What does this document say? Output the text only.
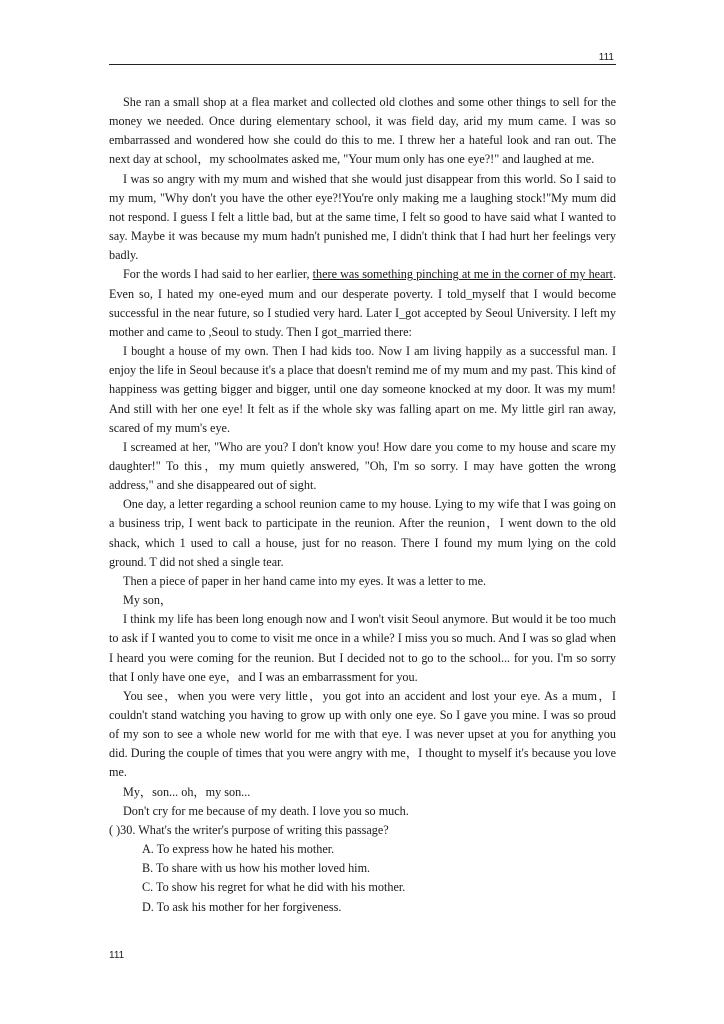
111

She ran a small shop at a flea market and collected old clothes and some other things to sell for the money we needed. Once during elementary school, it was field day, arid my mum came. I was so embarrassed and wondered how she could do this to me. I threw her a hateful look and ran out. The next day at school，my schoolmates asked me, "Your mum only has one eye?!" and laughed at me.

I was so angry with my mum and wished that she would just disappear from this world. So I said to my mum, "Why don't you have the other eye?!You're only making me a laughing stock!"My mum did not respond. I guess I felt a little bad, but at the same time, I felt so good to have said what I wanted to say. Maybe it was because my mum hadn't punished me, I didn't think that I had hurt her feelings very badly.

For the words I had said to her earlier, there was something pinching at me in the corner of my heart. Even so, I hated my one-eyed mum and our desperate poverty. I told_myself that I would become successful in the near future, so I studied very hard. Later I_got accepted by Seoul University. I left my mother and came to ,Seoul to study. Then I got_married there:

I bought a house of my own. Then I had kids too. Now I am living happily as a successful man. I enjoy the life in Seoul because it's a place that doesn't remind me of my mum and my past. This kind of happiness was getting bigger and bigger, until one day someone knocked at my door. It was my mum! And still with her one eye! It felt as if the whole sky was falling apart on me. My little girl ran away, scared of my mum's eye.

I screamed at her, "Who are you? I don't know you! How dare you come to my house and scare my daughter!" To this，my mum quietly answered, "Oh, I'm so sorry. I may have gotten the wrong address," and she disappeared out of sight.

One day, a letter regarding a school reunion came to my house. Lying to my wife that I was going on a business trip, I went back to participate in the reunion. After the reunion，I went down to the old shack, which 1 used to call a house, just for no reason. There I found my mum lying on the cold ground. T did not shed a single tear.

Then a piece of paper in her hand came into my eyes. It was a letter to me.

My son，

I think my life has been long enough now and I won't visit Seoul anymore. But would it be too much to ask if I wanted you to come to visit me once in a while? I miss you so much. And I was so glad when I heard you were coming for the reunion. But I decided not to go to the school... for you. I'm so sorry that I only have one eye，and I was an embarrassment for you.

You see，when you were very little，you got into an accident and lost your eye. As a mum，I couldn't stand watching you having to grow up with only one eye. So I gave you mine. I was so proud of my son to see a whole new world for me with that eye. I was never upset at you for anything you did. During the couple of times that you were angry with me，I thought to myself it's because you love me.

My，son... oh，my son...

Don't cry for me because of my death. I love you so much.

( )30. What's the writer's purpose of writing this passage?

A. To express how he hated his mother.

B. To share with us how his mother loved him.

C. To show his regret for what he did with his mother.

D. To ask his mother for her forgiveness.

111
